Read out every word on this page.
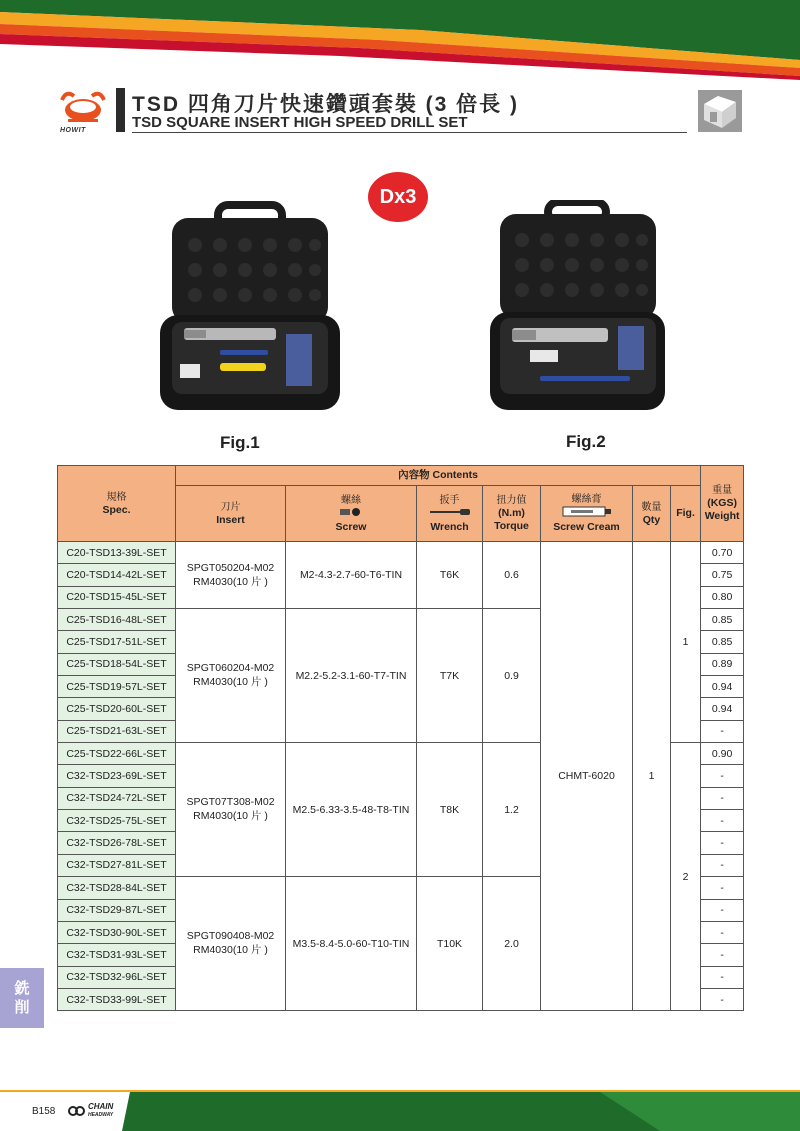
HOWIT
TSD 四角刀片快速鑽頭套裝 (3 倍長 )
TSD SQUARE INSERT HIGH SPEED DRILL SET
Dx3
Fig.1	Fig.2
規格
Spec.	內容物 Contents							重量
(KGS)
Weight
	刀片
Insert	螺絲

Screw	扳手

Wrench	扭力值
(N.m)
Torque	螺絲膏

Screw Cream	數量
Qty	Fig.	
C20-TSD13-39L-SET	SPGT050204-M02
RM4030(10 片 )	M2-4.3-2.7-60-T6-TIN	T6K	0.6	CHMT-6020	1	1	0.70
C20-TSD14-42L-SET								0.75
C20-TSD15-45L-SET								0.80
C25-TSD16-48L-SET	SPGT060204-M02
RM4030(10 片 )	M2.2-5.2-3.1-60-T7-TIN	T7K	0.9				0.85
C25-TSD17-51L-SET								0.85
C25-TSD18-54L-SET								0.89
C25-TSD19-57L-SET								0.94
C25-TSD20-60L-SET								0.94
C25-TSD21-63L-SET								-
C25-TSD22-66L-SET	SPGT07T308-M02
RM4030(10 片 )	M2.5-6.33-3.5-48-T8-TIN	T8K	1.2			2	0.90
C32-TSD23-69L-SET								-
C32-TSD24-72L-SET								-
C32-TSD25-75L-SET								-
C32-TSD26-78L-SET								-
C32-TSD27-81L-SET								-
C32-TSD28-84L-SET	SPGT090408-M02
RM4030(10 片 )	M3.5-8.4-5.0-60-T10-TIN	T10K	2.0				-
C32-TSD29-87L-SET								-
C32-TSD30-90L-SET								-
C32-TSD31-93L-SET								-
C32-TSD32-96L-SET								-
C32-TSD33-99L-SET								-
銑
削
B158	CHAIN
HEADWAY
